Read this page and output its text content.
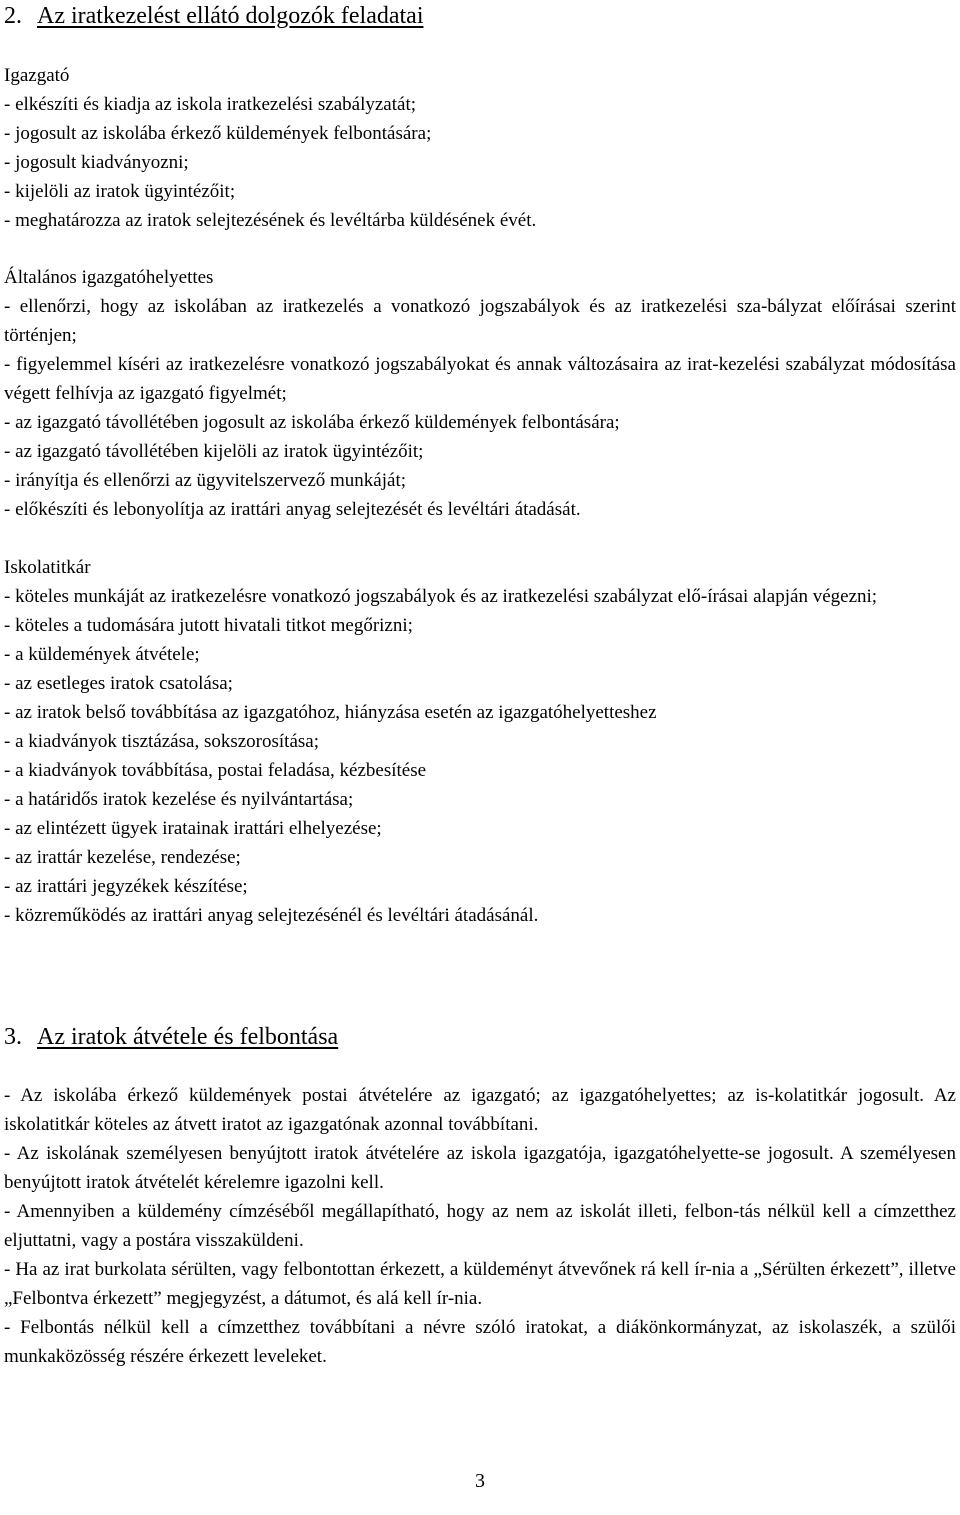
2. Az iratkezelést ellátó dolgozók feladatai
Igazgató
- elkészíti és kiadja az iskola iratkezelési szabályzatát;
- jogosult az iskolába érkező küldemények felbontására;
- jogosult kiadványozni;
- kijelöli az iratok ügyintézőit;
- meghatározza az iratok selejtezésének és levéltárba küldésének évét.
Általános igazgatóhelyettes
- ellenőrzi, hogy az iskolában az iratkezelés a vonatkozó jogszabályok és az iratkezelési sza-bályzat előírásai szerint történjen;
- figyelemmel kíséri az iratkezelésre vonatkozó jogszabályokat és annak változásaira az irat-kezelési szabályzat módosítása végett felhívja az igazgató figyelmét;
- az igazgató távollétében jogosult az iskolába érkező küldemények felbontására;
- az igazgató távollétében kijelöli az iratok ügyintézőit;
- irányítja és ellenőrzi az ügyvitelszervező munkáját;
- előkészíti és lebonyolítja az irattári anyag selejtezését és levéltári átadását.
Iskolatitkár
- köteles munkáját az iratkezelésre vonatkozó jogszabályok és az iratkezelési szabályzat elő-írásai alapján végezni;
- köteles a tudomására jutott hivatali titkot megőrizni;
- a küldemények átvétele;
- az esetleges iratok csatolása;
- az iratok belső továbbítása az igazgatóhoz, hiányzása esetén az igazgatóhelyetteshez
- a kiadványok tisztázása, sokszorosítása;
- a kiadványok továbbítása, postai feladása, kézbesítése
- a határidős iratok kezelése és nyilvántartása;
- az elintézett ügyek iratainak irattári elhelyezése;
- az irattár kezelése, rendezése;
- az irattári jegyzékek készítése;
- közreműködés az irattári anyag selejtezésénél és levéltári átadásánál.
3. Az iratok átvétele és felbontása
- Az iskolába érkező küldemények postai átvételére az igazgató; az igazgatóhelyettes; az is-kolatitkár jogosult. Az iskolatitkár köteles az átvett iratot az igazgatónak azonnal továbbítani.
- Az iskolának személyesen benyújtott iratok átvételére az iskola igazgatója, igazgatóhelyette-se jogosult. A személyesen benyújtott iratok átvételét kérelemre igazolni kell.
- Amennyiben a küldemény címzéséből megállapítható, hogy az nem az iskolát illeti, felbon-tás nélkül kell a címzetthez eljuttatni, vagy a postára visszaküldeni.
- Ha az irat burkolata sérülten, vagy felbontottan érkezett, a küldeményt átvevőnek rá kell ír-nia a „Sérülten érkezett”, illetve „Felbontva érkezett” megjegyzést, a dátumot, és alá kell ír-nia.
- Felbontás nélkül kell a címzetthez továbbítani a névre szóló iratokat, a diákönkormányzat, az iskolaszék, a szülői munkaközösség részére érkezett leveleket.
3
